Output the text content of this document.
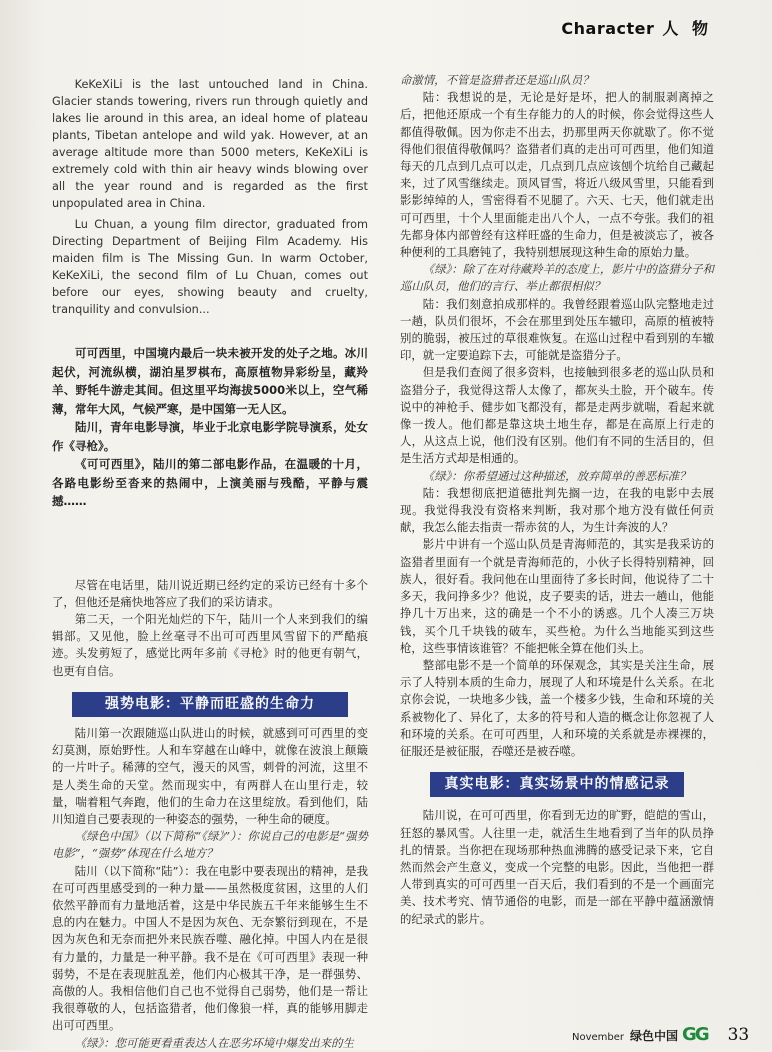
Character 人 物

KeKeXiLi is the last untouched land in China. Glacier stands towering, rivers run through quietly and lakes lie around in this area, an ideal home of plateau plants, Tibetan antelope and wild yak. However, at an average altitude more than 5000 meters, KeKeXiLi is extremely cold with thin air heavy winds blowing over all the year round and is regarded as the first unpopulated area in China.

Lu Chuan, a young film director, graduated from Directing Department of Beijing Film Academy. His maiden film is The Missing Gun. In warm October, KeKeXiLi, the second film of Lu Chuan, comes out before our eyes, showing beauty and cruelty, tranquility and convulsion...

可可西里，中国境内最后一块未被开发的处子之地。冰川起伏，河流纵横，湖泊星罗棋布，高原植物异彩纷呈，藏羚羊、野牦牛游走其间。但这里平均海拔5000米以上，空气稀薄，常年大风，气候严寒，是中国第一无人区。

陆川，青年电影导演，毕业于北京电影学院导演系，处女作《寻枪》。

《可可西里》，陆川的第二部电影作品，在温暖的十月，各路电影纷至沓来的热闹中，上演美丽与残酷，平静与震撼……

尽管在电话里，陆川说近期已经约定的采访已经有十多个了，但他还是痛快地答应了我们的采访请求。

第二天，一个阳光灿烂的下午，陆川一个人来到我们的编辑部。又见他，脸上丝毫寻不出可可西里风雪留下的严酷痕迹。头发剪短了，感觉比两年多前《寻枪》时的他更有朝气，也更有自信。

强势电影：平静而旺盛的生命力

陆川第一次跟随巡山队进山的时候，就感到可可西里的变幻莫测，原始野性。人和车穿越在山峰中，就像在波浪上颠簸的一片叶子。稀薄的空气，漫天的风雪，刺骨的河流，这里不是人类生命的天堂。然而现实中，有两群人在山里行走，较量，喘着粗气奔跑，他们的生命力在这里绽放。看到他们，陆川知道自己要表现的一种姿态的强势，一种生命的硬度。

《绿色中国》（以下简称“《绿》”）：你说自己的电影是“强势电影”，“强势”体现在什么地方？

陆川（以下简称“陆”）：我在电影中要表现出的精神，是我在可可西里感受到的一种力量——虽然极度贫困，这里的人们依然平静而有力量地活着，这是中华民族五千年来能够生生不息的内在魅力。中国人不是因为灰色、无奈繁衍到现在，不是因为灰色和无奈而把外来民族吞噬、融化掉。中国人内在是很有力量的，力量是一种平静。我不是在《可可西里》表现一种弱势，不是在表现脏乱差，他们内心极其干净，是一群强势、高傲的人。我相信他们自己也不觉得自己弱势，他们是一帮让我很尊敬的人，包括盗猎者，他们像狼一样，真的能够用脚走出可可西里。

《绿》：您可能更看重表达人在恶劣环境中爆发出来的生

命激情，不管是盗猎者还是巡山队员？

陆：我想说的是，无论是好是坏，把人的制服剥离掉之后，把他还原成一个有生存能力的人的时候，你会觉得这些人都值得敬佩。因为你走不出去，扔那里两天你就歇了。你不觉得他们很值得敬佩吗？盗猎者们真的走出可可西里，他们知道每天的几点到几点可以走，几点到几点应该刨个坑给自己藏起来，过了风雪继续走。顶风冒雪，将近八级风雪里，只能看到影影绰绰的人，雪密得看不见腿了。六天、七天，他们就走出可可西里，十个人里面能走出八个人，一点不夸张。我们的祖先都身体内部曾经有这样旺盛的生命力，但是被淡忘了，被各种便利的工具磨钝了，我特别想展现这种生命的原始力量。

《绿》：除了在对待藏羚羊的态度上，影片中的盗猎分子和巡山队员，他们的言行、举止都很相似？

陆：我们刻意拍成那样的。我曾经跟着巡山队完整地走过一趟，队员们很坏，不会在那里到处压车辙印，高原的植被特别的脆弱，被压过的草很难恢复。在巡山过程中看到别的车辙印，就一定要追踪下去，可能就是盗猎分子。

但是我们查阅了很多资料，也接触到很多老的巡山队员和盗猎分子，我觉得这帮人太像了，都灰头土脸，开个破车。传说中的神枪手、健步如飞都没有，都是走两步就喘，看起来就像一拨人。他们都是靠这块土地生存，都是在高原上行走的人，从这点上说，他们没有区别。他们有不同的生活目的，但是生活方式却是相通的。

《绿》：你希望通过这种描述，放弃简单的善恶标准？

陆：我想彻底把道德批判先搁一边，在我的电影中去展现。我觉得我没有资格来判断，我对那个地方没有做任何贡献，我怎么能去指责一帮赤贫的人，为生计奔波的人？

影片中讲有一个巡山队员是青海师范的，其实是我采访的盗猎者里面有一个就是青海师范的，小伙子长得特别精神，回族人，很好看。我问他在山里面待了多长时间，他说待了二十多天，我问挣多少？他说，皮子要卖的话，进去一趟山，他能挣几十万出来，这的确是一个不小的诱惑。几个人凑三万块钱，买个几千块钱的破车，买些枪。为什么当地能买到这些枪，这些事情该谁管？不能把帐全算在他们头上。

整部电影不是一个简单的环保观念，其实是关注生命，展示了人特别本质的生命力，展现了人和环境是什么关系。在北京你会说，一块地多少钱，盖一个楼多少钱，生命和环境的关系被物化了、异化了，太多的符号和人造的概念让你忽视了人和环境的关系。在可可西里，人和环境的关系就是赤裸裸的，征服还是被征服，吞噬还是被吞噬。

真实电影：真实场景中的情感记录

陆川说，在可可西里，你看到无边的旷野，皑皑的雪山，狂怒的暴风雪。人往里一走，就活生生地看到了当年的队员挣扎的情景。当你把在现场那种热血沸腾的感受记录下来，它自然而然会产生意义，变成一个完整的电影。因此，当他把一群人带到真实的可可西里一百天后，我们看到的不是一个画面完美、技术考究、情节通俗的电影，而是一部在平静中蕴涵激情的纪录式的影片。

November 绿色中国 GG 33
